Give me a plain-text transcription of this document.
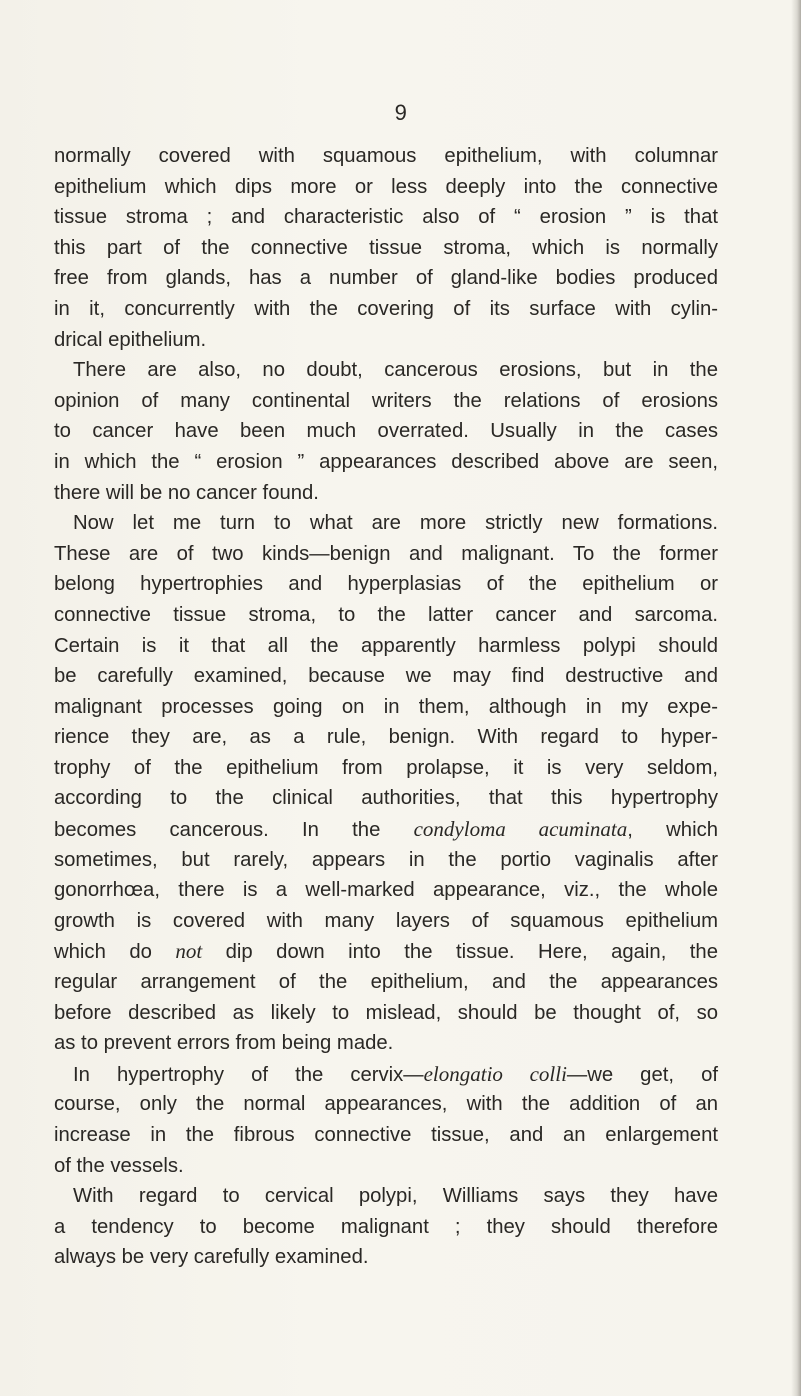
9
normally covered with squamous epithelium, with columnar
epithelium which dips more or less deeply into the connective
tissue stroma ; and characteristic also of “ erosion ” is that
this part of the connective tissue stroma, which is normally
free from glands, has a number of gland-like bodies produced
in it, concurrently with the covering of its surface with cylin-
drical epithelium.
There are also, no doubt, cancerous erosions, but in the
opinion of many continental writers the relations of erosions
to cancer have been much overrated. Usually in the cases
in which the “ erosion ” appearances described above are seen,
there will be no cancer found.
Now let me turn to what are more strictly new formations.
These are of two kinds—benign and malignant. To the former
belong hypertrophies and hyperplasias of the epithelium or
connective tissue stroma, to the latter cancer and sarcoma.
Certain is it that all the apparently harmless polypi should
be carefully examined, because we may find destructive and
malignant processes going on in them, although in my expe-
rience they are, as a rule, benign. With regard to hyper-
trophy of the epithelium from prolapse, it is very seldom,
according to the clinical authorities, that this hypertrophy
becomes cancerous. In the condyloma acuminata, which
sometimes, but rarely, appears in the portio vaginalis after
gonorrhœa, there is a well-marked appearance, viz., the whole
growth is covered with many layers of squamous epithelium
which do not dip down into the tissue. Here, again, the
regular arrangement of the epithelium, and the appearances
before described as likely to mislead, should be thought of, so
as to prevent errors from being made.
In hypertrophy of the cervix—elongatio colli—we get, of
course, only the normal appearances, with the addition of an
increase in the fibrous connective tissue, and an enlargement
of the vessels.
With regard to cervical polypi, Williams says they have
a tendency to become malignant ; they should therefore
always be very carefully examined.
